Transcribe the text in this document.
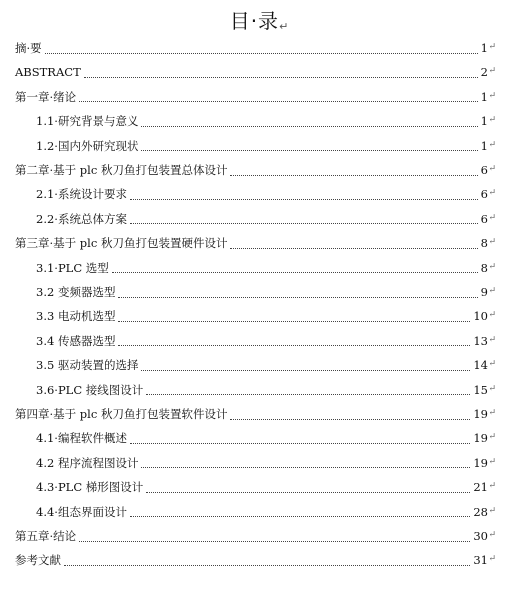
目·录↵
摘·要	1 ↵
ABSTRACT	2 ↵
第一章·绪论	1 ↵
1.1·研究背景与意义	1 ↵
1.2·国内外研究现状	1 ↵
第二章·基于 plc 秋刀鱼打包装置总体设计	6 ↵
2.1·系统设计要求	6 ↵
2.2·系统总体方案	6 ↵
第三章·基于 plc 秋刀鱼打包装置硬件设计	8 ↵
3.1·PLC 选型	8 ↵
3.2 变频器选型	9 ↵
3.3 电动机选型	10 ↵
3.4 传感器选型	13 ↵
3.5 驱动装置的选择	14 ↵
3.6·PLC 接线图设计	15 ↵
第四章·基于 plc 秋刀鱼打包装置软件设计	19 ↵
4.1·编程软件概述	19 ↵
4.2 程序流程图设计	19 ↵
4.3·PLC 梯形图设计	21 ↵
4.4·组态界面设计	28 ↵
第五章·结论	30 ↵
参考文献	31 ↵
